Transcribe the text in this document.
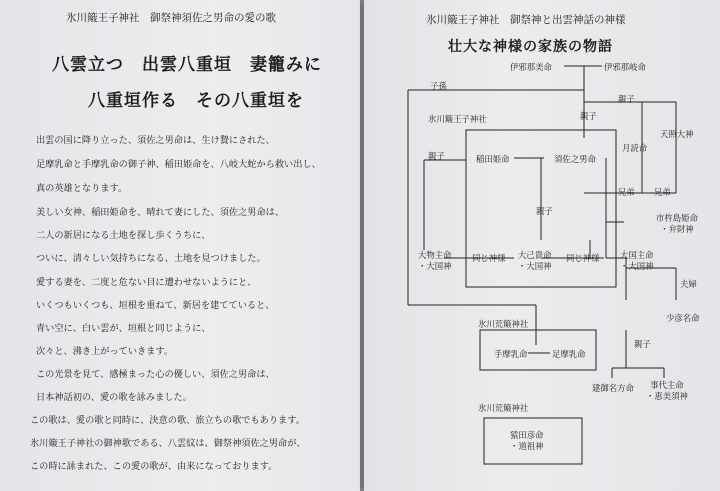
氷川簸王子神社　御祭神須佐之男命の愛の歌
八雲立つ　出雲八重垣　妻籠みに
八重垣作る　その八重垣を
出雲の国に降り立った、須佐之男命は、生け贄にされた、
足摩乳命と手摩乳命の御子神、稲田姫命を、八岐大蛇から救い出し、
真の英雄となります。
美しい女神、稲田姫命を、晴れて妻にした、須佐之男命は、
二人の新居になる土地を探し歩くうちに、
ついに、清々しい気持ちになる、土地を見つけました。
愛する妻を、二度と危ない目に遭わせないようにと、
いくつもいくつも、垣根を重ねて、新居を建てていると、
青い空に、白い雲が、垣根と同じように、
次々と、沸き上がっていきます。
この光景を見て、感極まった心の優しい、須佐之男命は、
日本神話初の、愛の歌を詠みました。
この歌は、愛の歌と同時に、決意の歌、旅立ちの歌でもあります。
氷川簸王子神社の御神歌である、八雲紋は、御祭神須佐之男命が、
この時に詠まれた、この愛の歌が、由来になっております。
氷川簸王子神社　御祭神と出雲神話の神様
壮大な神様の家族の物語
伊邪那美命	伊邪那岐命
子孫
親子
親子
氷川簸王子神社
天照大神
月読命
兄弟 兄弟
親子	稲田姫命	須佐之男命
親子
市杵島姫命
・弁財神
大物主命
・大国神
同じ神様 大己貴命
・大国神
同じ神様 大国主命
・大国神
夫婦
少彦名命
氷川荒簸神社
手摩乳命	足摩乳命
親子
建御名方命	事代主命
・恵美須神
氷川荒簸神社
猿田彦命
・道祖神
